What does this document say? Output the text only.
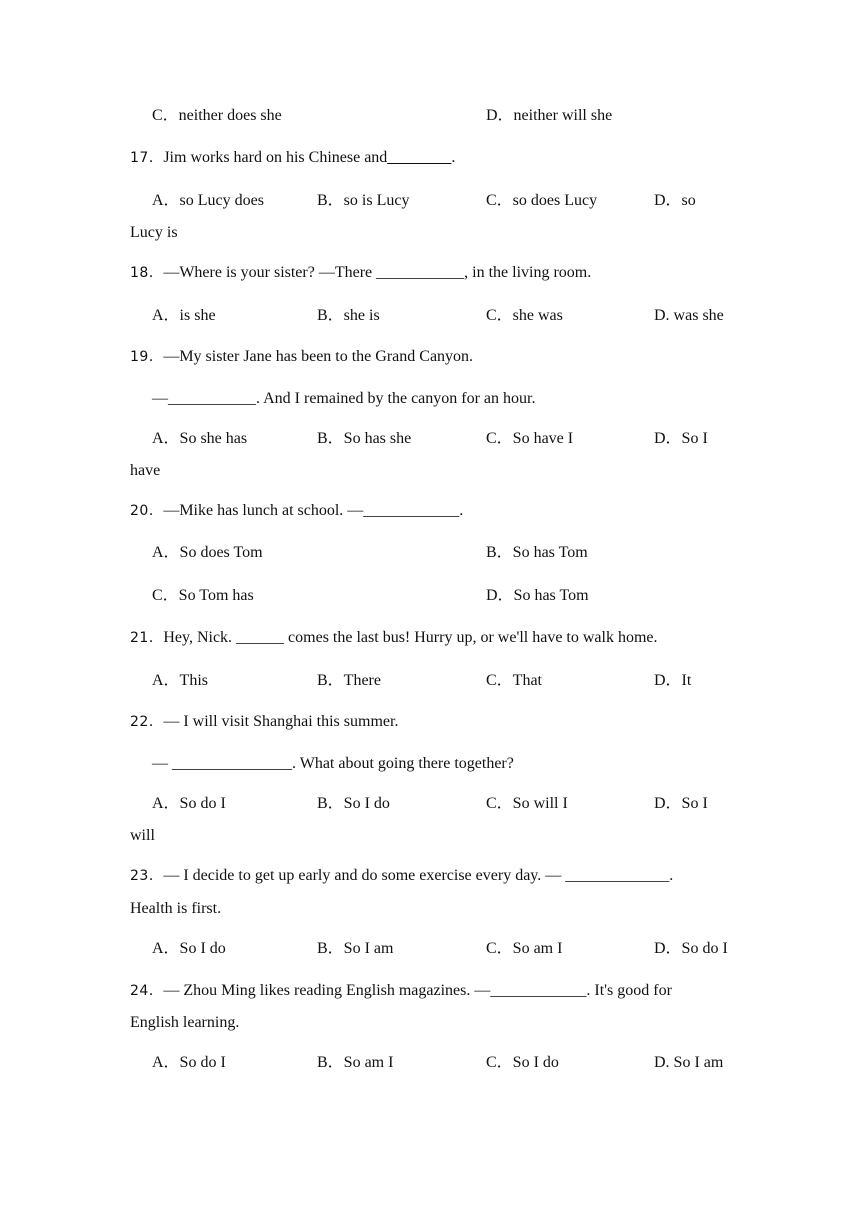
C．neither does she	D．neither will she
17．Jim works hard on his Chinese and________.
A．so Lucy does	B．so is Lucy	C．so does Lucy	D．so
Lucy is
18．—Where is your sister? —There ___________, in the living room.
A．is she	B．she is	C．she was	D. was she
19．—My sister Jane has been to the Grand Canyon.
—___________. And I remained by the canyon for an hour.
A．So she has	B．So has she	C．So have I	D．So I
have
20．—Mike has lunch at school. —____________.
A．So does Tom	B．So has Tom
C．So Tom has	D．So has Tom
21．Hey, Nick. ______ comes the last bus! Hurry up, or we'll have to walk home.
A．This	B．There	C．That	D．It
22．— I will visit Shanghai this summer.
— _______________. What about going there together?
A．So do I	B．So I do	C．So will I	D．So I
will
23．— I decide to get up early and do some exercise every day. — _____________.
Health is first.
A．So I do	B．So I am	C．So am I	D．So do I
24．— Zhou Ming likes reading English magazines. —____________. It's good for
English learning.
A．So do I	B．So am I	C．So I do	D. So I am
